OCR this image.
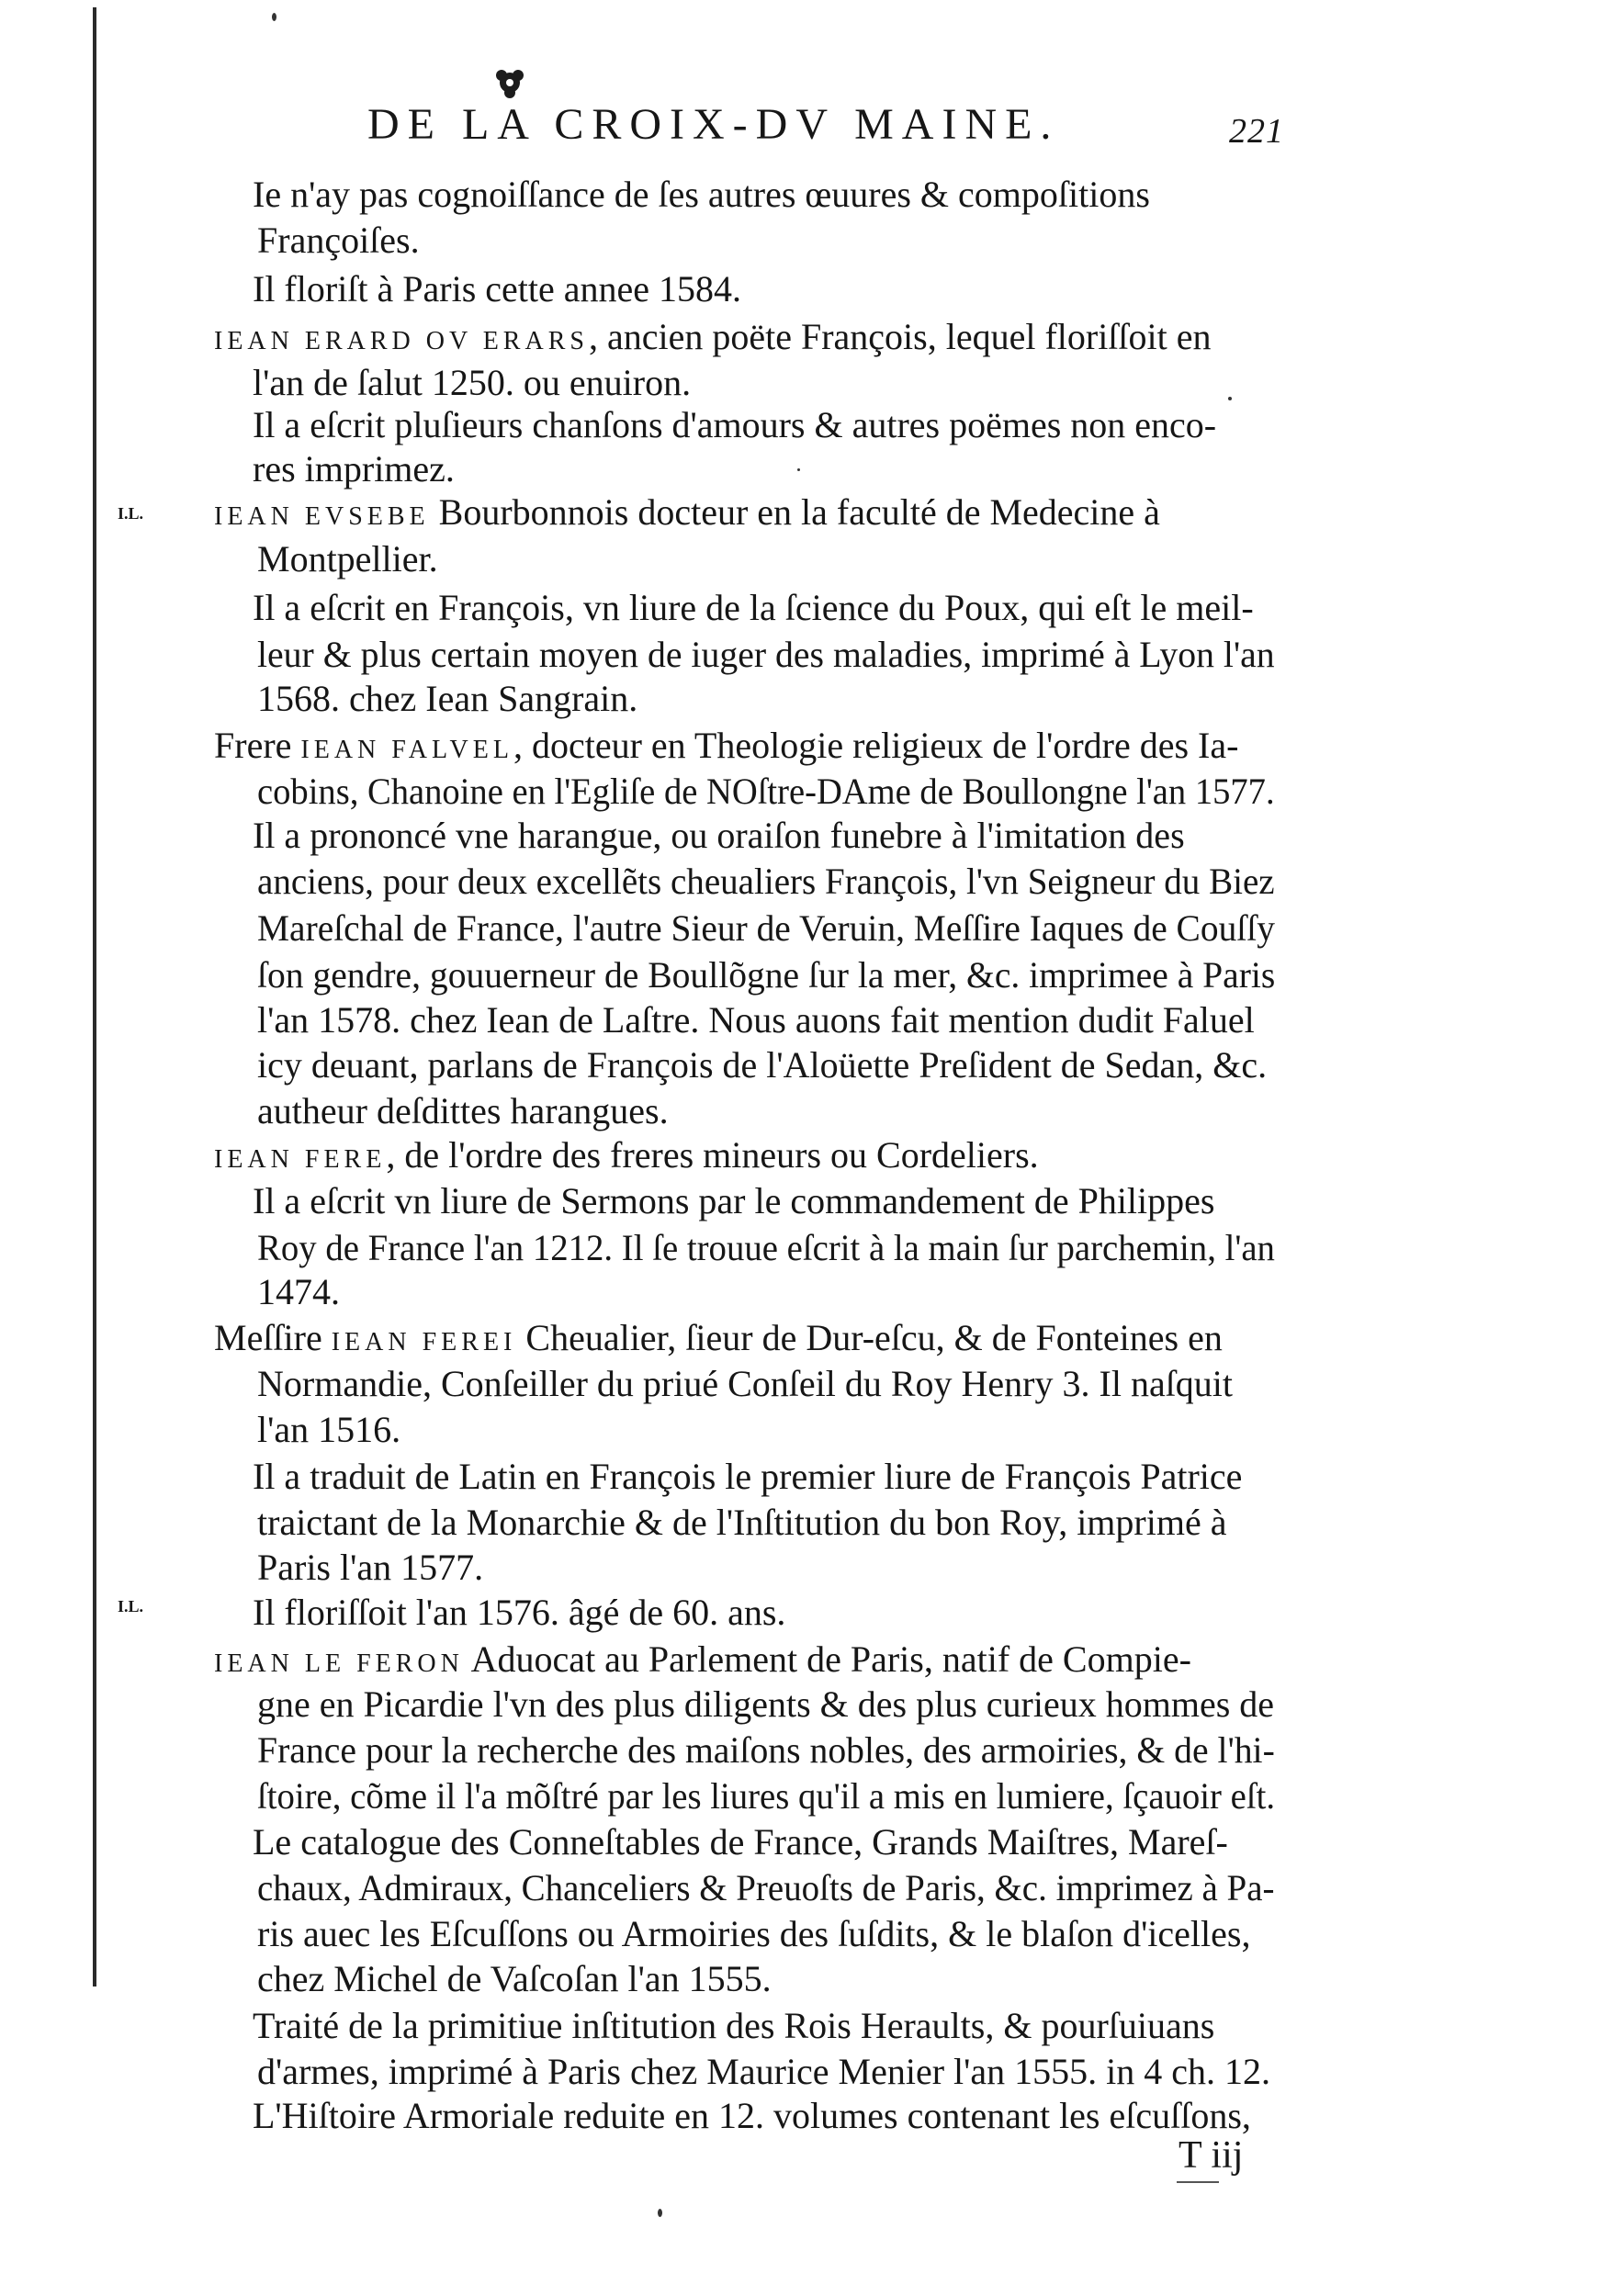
DE LA CROIX-DV MAINE.	221
I.L.
I.L.
Ie n'ay pas cognoiſſance de ſes autres œuures & compoſitions
Françoiſes.
Il floriſt à Paris cette annee 1584.
IEAN ERARD OV ERARS, ancien poëte François, lequel floriſſoit en
l'an de ſalut 1250. ou enuiron.
Il a eſcrit pluſieurs chanſons d'amours & autres poëmes non enco-
res imprimez.
IEAN EVSEBE Bourbonnois docteur en la faculté de Medecine à
Montpellier.
Il a eſcrit en François, vn liure de la ſcience du Poux, qui eſt le meil-
leur & plus certain moyen de iuger des maladies, imprimé à Lyon l'an
1568. chez Iean Sangrain.
Frere IEAN FALVEL, docteur en Theologie religieux de l'ordre des Ia-
cobins, Chanoine en l'Egliſe de NOſtre-DAme de Boullongne l'an 1577.
Il a prononcé vne harangue, ou oraiſon funebre à l'imitation des
anciens, pour deux excellẽts cheualiers François, l'vn Seigneur du Biez
Mareſchal de France, l'autre Sieur de Veruin, Meſſire Iaques de Couſſy
ſon gendre, gouuerneur de Boullõgne ſur la mer, &c. imprimee à Paris
l'an 1578. chez Iean de Laſtre. Nous auons fait mention dudit Faluel
icy deuant, parlans de François de l'Aloüette Preſident de Sedan, &c.
autheur deſdittes harangues.
IEAN FERE, de l'ordre des freres mineurs ou Cordeliers.
Il a eſcrit vn liure de Sermons par le commandement de Philippes
Roy de France l'an 1212. Il ſe trouue eſcrit à la main ſur parchemin, l'an
1474.
Meſſire IEAN FEREI Cheualier, ſieur de Dur-eſcu, & de Fonteines en
Normandie, Conſeiller du priué Conſeil du Roy Henry 3. Il naſquit
l'an 1516.
Il a traduit de Latin en François le premier liure de François Patrice
traictant de la Monarchie & de l'Inſtitution du bon Roy, imprimé à
Paris l'an 1577.
Il floriſſoit l'an 1576. âgé de 60. ans.
IEAN LE FERON Aduocat au Parlement de Paris, natif de Compie-
gne en Picardie l'vn des plus diligents & des plus curieux hommes de
France pour la recherche des maiſons nobles, des armoiries, & de l'hi-
ſtoire, cõme il l'a mõſtré par les liures qu'il a mis en lumiere, ſçauoir eſt.
Le catalogue des Conneſtables de France, Grands Maiſtres, Mareſ-
chaux, Admiraux, Chanceliers & Preuoſts de Paris, &c. imprimez à Pa-
ris auec les Eſcuſſons ou Armoiries des ſuſdits, & le blaſon d'icelles,
chez Michel de Vaſcoſan l'an 1555.
Traité de la primitiue inſtitution des Rois Heraults, & pourſuiuans
d'armes, imprimé à Paris chez Maurice Menier l'an 1555. in 4 ch. 12.
L'Hiſtoire Armoriale reduite en 12. volumes contenant les eſcuſſons,
T iij
